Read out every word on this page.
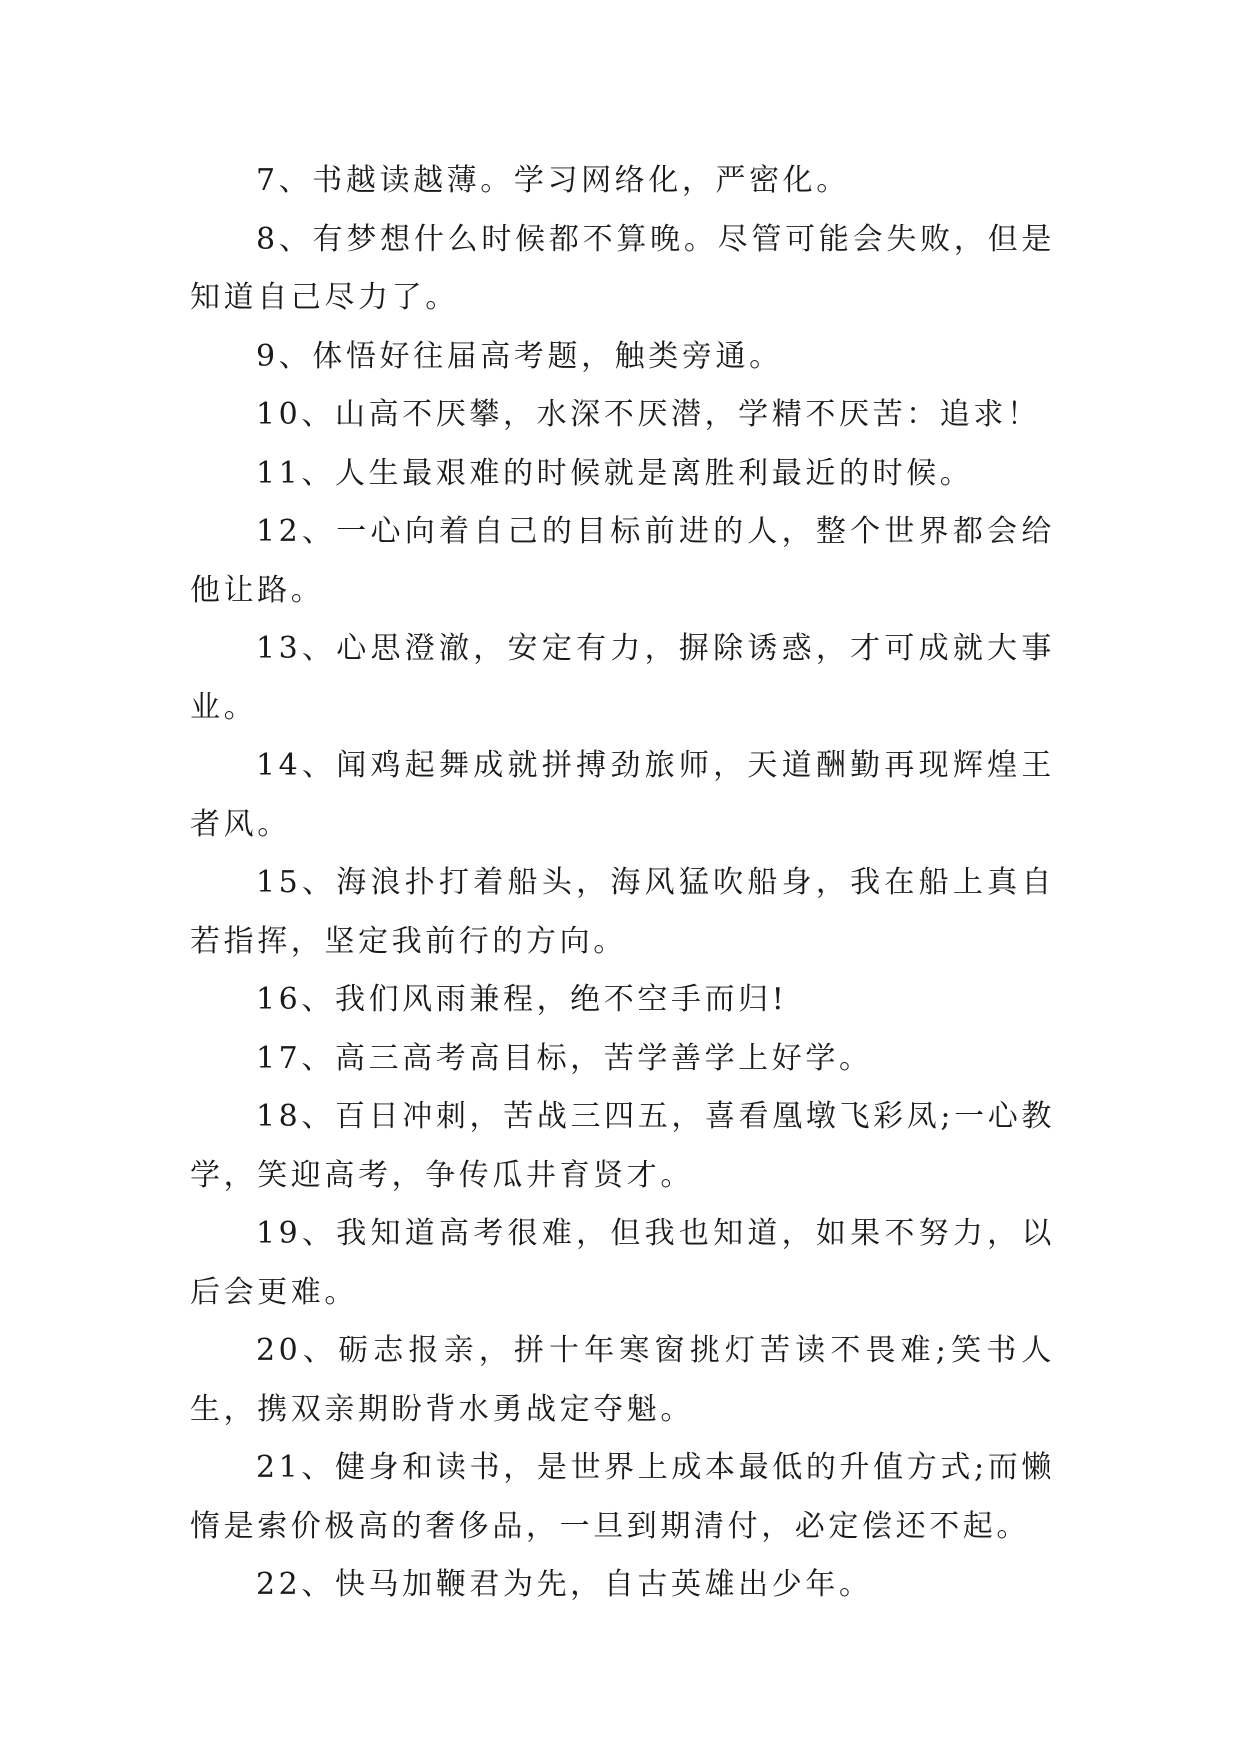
7、书越读越薄。学习网络化，严密化。

8、有梦想什么时候都不算晚。尽管可能会失败，但是知道自己尽力了。

9、体悟好往届高考题，触类旁通。

10、山高不厌攀，水深不厌潜，学精不厌苦：追求！

11、人生最艰难的时候就是离胜利最近的时候。

12、一心向着自己的目标前进的人，整个世界都会给他让路。

13、心思澄澈，安定有力，摒除诱惑，才可成就大事业。

14、闻鸡起舞成就拼搏劲旅师，天道酬勤再现辉煌王者风。

15、海浪扑打着船头，海风猛吹船身，我在船上真自若指挥，坚定我前行的方向。

16、我们风雨兼程，绝不空手而归!

17、高三高考高目标，苦学善学上好学。

18、百日冲刺，苦战三四五，喜看凰墩飞彩凤;一心教学，笑迎高考，争传瓜井育贤才。

19、我知道高考很难，但我也知道，如果不努力，以后会更难。

20、砺志报亲，拼十年寒窗挑灯苦读不畏难;笑书人生，携双亲期盼背水勇战定夺魁。

21、健身和读书，是世界上成本最低的升值方式;而懒惰是索价极高的奢侈品，一旦到期清付，必定偿还不起。

22、快马加鞭君为先，自古英雄出少年。
